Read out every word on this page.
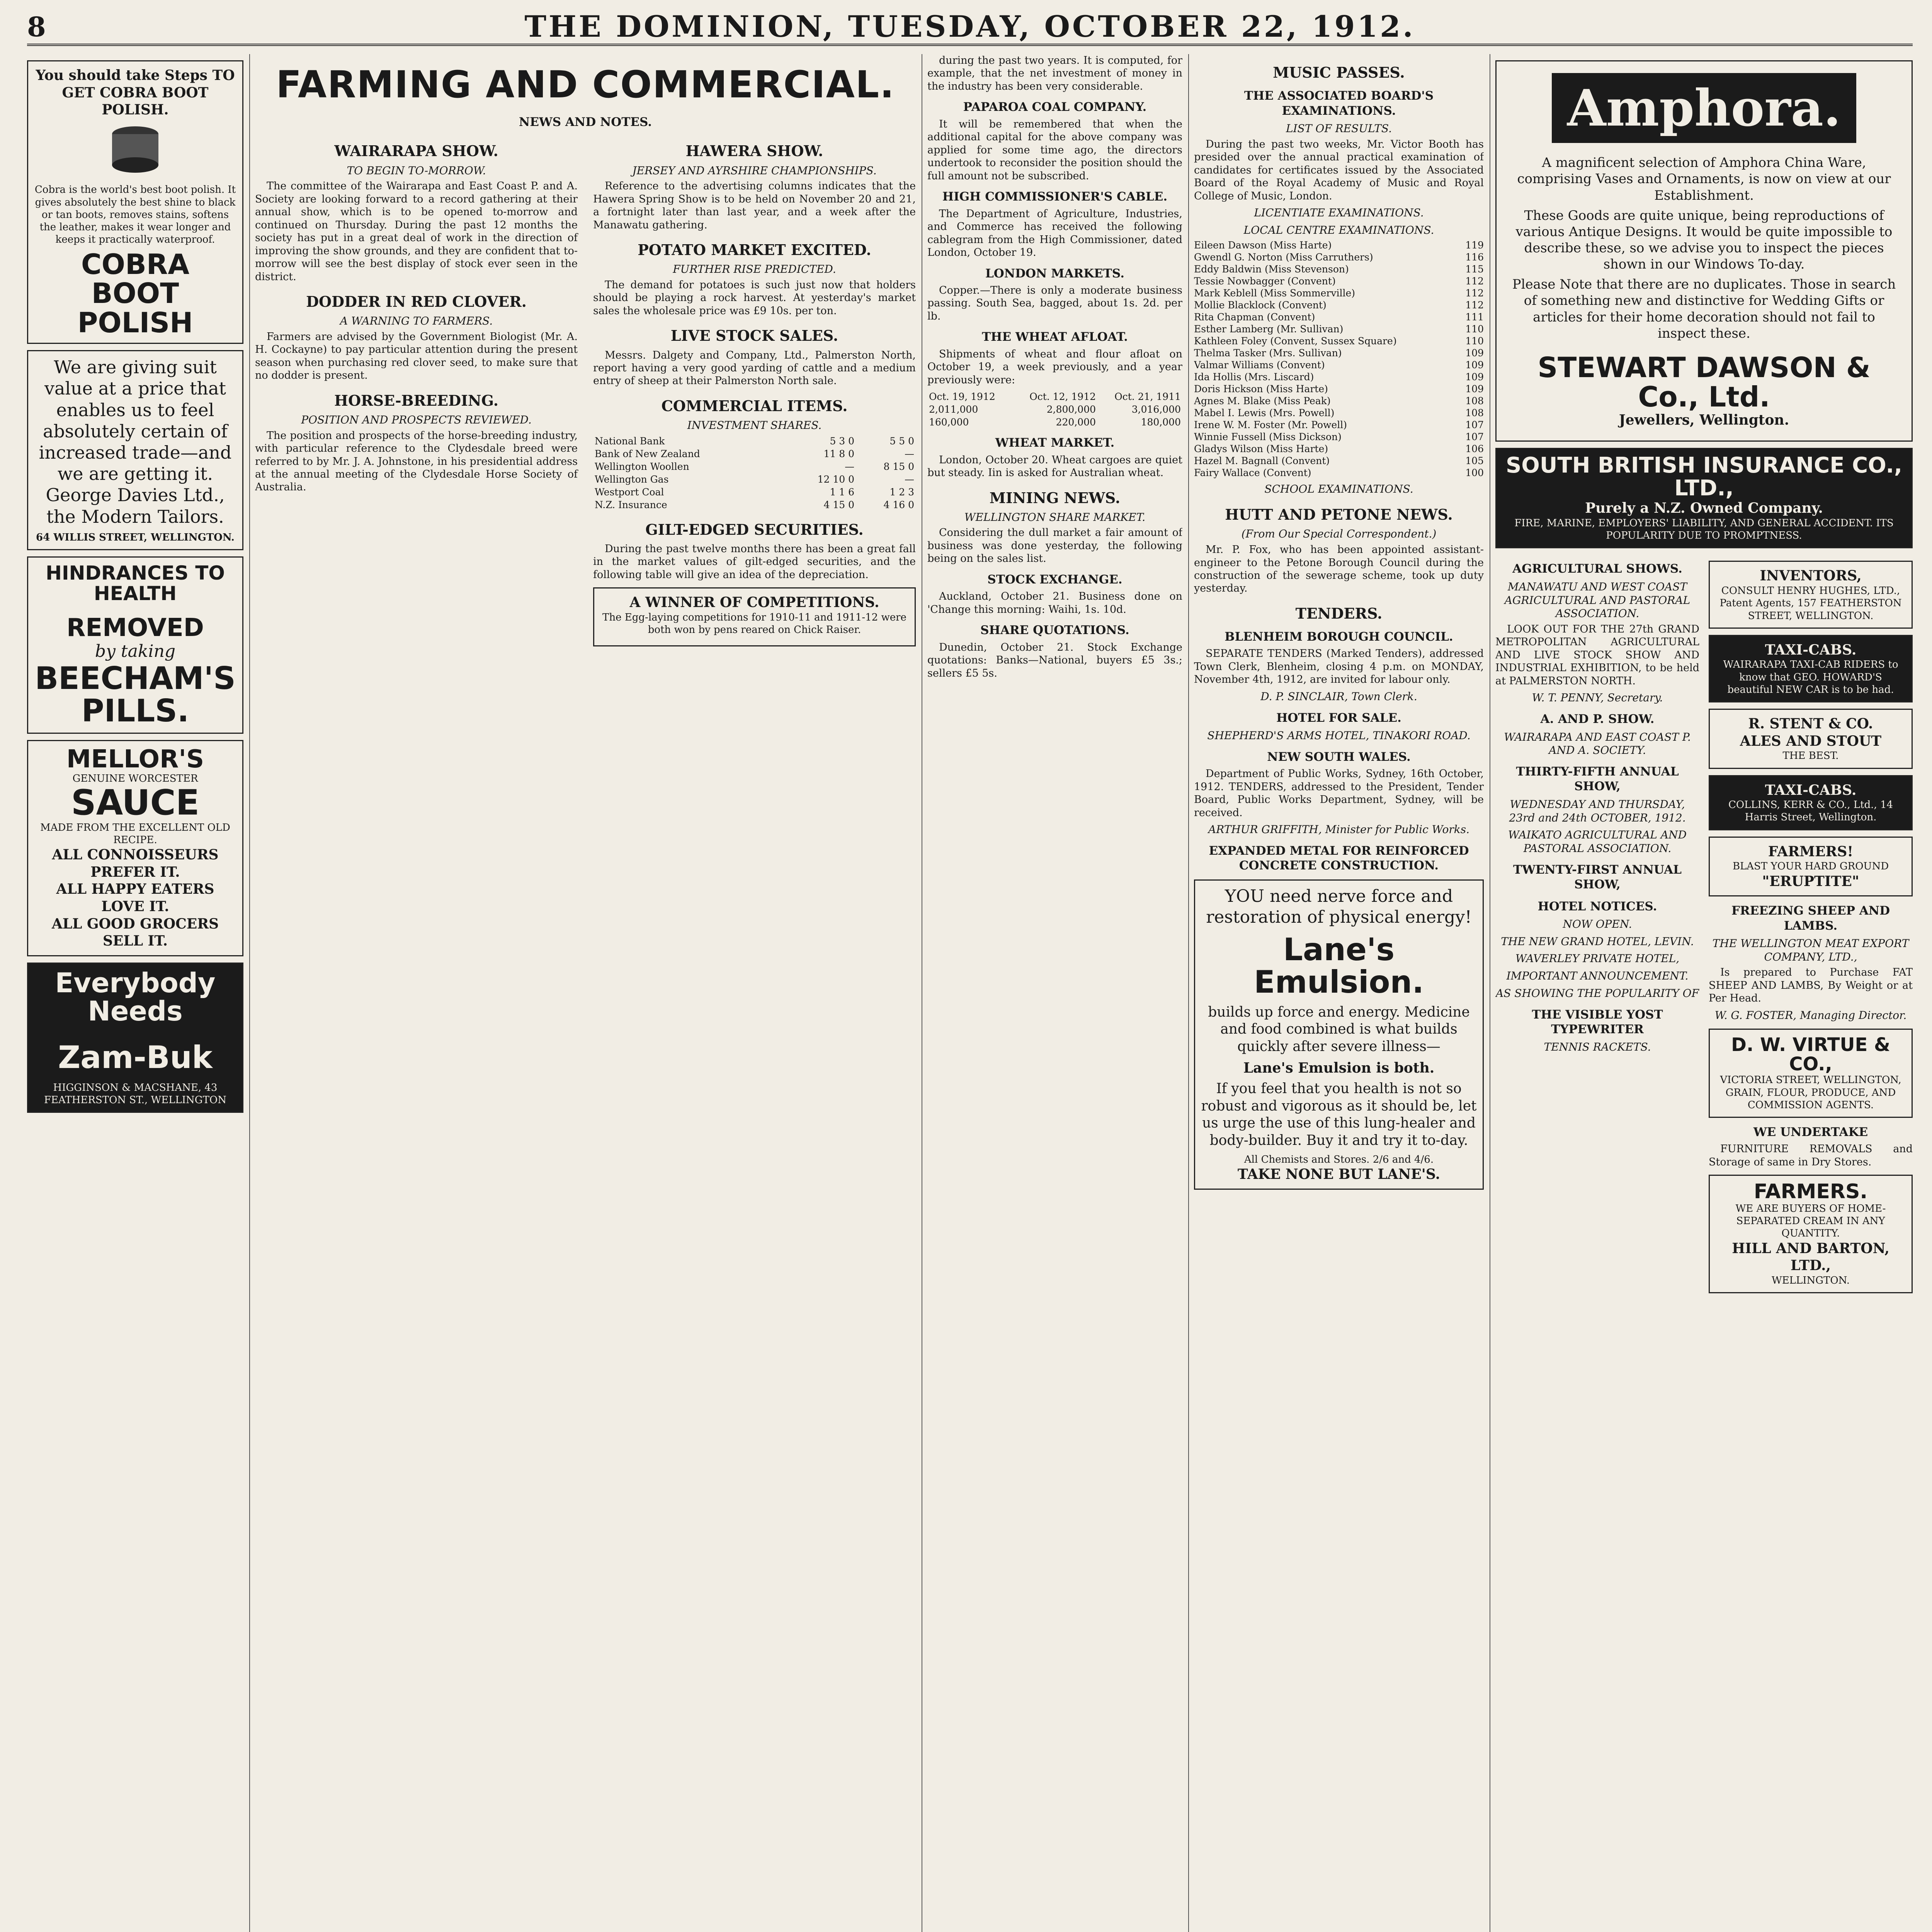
8	THE DOMINION, TUESDAY, OCTOBER 22, 1912.
You should take Steps TO GET COBRA BOOT POLISH.

Cobra is the world's best boot polish. It gives absolutely the best shine to black or tan boots, removes stains, softens the leather, makes it wear longer and keeps it practically waterproof.

COBRA BOOT POLISH
We are giving suit value at a price that enables us to feel absolutely certain of increased trade—and we are getting it. George Davies Ltd., the Modern Tailors.
64 WILLIS STREET, WELLINGTON.
HINDRANCES TO HEALTH
REMOVED
by taking
BEECHAM'S PILLS.
MELLOR'S
GENUINE WORCESTER
SAUCE
MADE FROM THE EXCELLENT OLD RECIPE.
ALL CONNOISSEURS PREFER IT.
ALL HAPPY EATERS LOVE IT.
ALL GOOD GROCERS SELL IT.
Everybody Needs
Zam-Buk
HIGGINSON & MACSHANE, 43 FEATHERSTON ST., WELLINGTON
FARMING AND COMMERCIAL.
NEWS AND NOTES.
WAIRARAPA SHOW.
TO BEGIN TO-MORROW.

The committee of the Wairarapa and East Coast P. and A. Society are looking forward to a record gathering at their annual show, which is to be opened to-morrow and continued on Thursday. During the past 12 months the society has put in a great deal of work in the direction of improving the show grounds, and they are confident that to-morrow will see the best display of stock ever seen in the district.

DODDER IN RED CLOVER.
A WARNING TO FARMERS.

Farmers are advised by the Government Biologist (Mr. A. H. Cockayne) to pay particular attention during the present season when purchasing red clover seed, to make sure that no dodder is present.

HORSE-BREEDING.
POSITION AND PROSPECTS REVIEWED.

The position and prospects of the horse-breeding industry, with particular reference to the Clydesdale breed were referred to by Mr. J. A. Johnstone, in his presidential address at the annual meeting of the Clydesdale Horse Society of Australia.

HAWERA SHOW.
JERSEY AND AYRSHIRE CHAMPIONSHIPS.

Reference to the advertising columns indicates that the Hawera Spring Show is to be held on November 20 and 21, a fortnight later than last year, and a week after the Manawatu gathering.

POTATO MARKET EXCITED.
FURTHER RISE PREDICTED.

The demand for potatoes is such just now that holders should be playing a rock harvest. At yesterday's market sales the wholesale price was £9 10s. per ton.

LIVE STOCK SALES.

Messrs. Dalgety and Company, Ltd., Palmerston North, report having a very good yarding of cattle and a medium entry of sheep at their Palmerston North sale.

COMMERCIAL ITEMS.
INVESTMENT SHARES.
National Bank	5 3 0	5 5 0
Bank of New Zealand	11 8 0	—
Wellington Woollen	—	8 15 0
Wellington Gas	12 10 0	—
Westport Coal	1 1 6	1 2 3
N.Z. Insurance	4 15 0	4 16 0
GILT-EDGED SECURITIES.

During the past twelve months there has been a great fall in the market values of gilt-edged securities, and the following table will give an idea of the depreciation.

A WINNER OF COMPETITIONS.

The Egg-laying competitions for 1910-11 and 1911-12 were both won by pens reared on Chick Raiser.

during the past two years. It is computed, for example, that the net investment of money in the industry has been very considerable.

PAPAROA COAL COMPANY.

It will be remembered that when the additional capital for the above company was applied for some time ago, the directors undertook to reconsider the position should the full amount not be subscribed.

HIGH COMMISSIONER'S CABLE.

The Department of Agriculture, Industries, and Commerce has received the following cablegram from the High Commissioner, dated London, October 19.

LONDON MARKETS.

Copper.—There is only a moderate business passing. South Sea, bagged, about 1s. 2d. per lb.

THE WHEAT AFLOAT.

Shipments of wheat and flour afloat on October 19, a week previously, and a year previously were:

Oct. 19, 1912	Oct. 12, 1912	Oct. 21, 1911
2,011,000	2,800,000	3,016,000
160,000	220,000	180,000
WHEAT MARKET.

London, October 20. Wheat cargoes are quiet but steady. Iin is asked for Australian wheat.

MINING NEWS.
WELLINGTON SHARE MARKET.

Considering the dull market a fair amount of business was done yesterday, the following being on the sales list.

STOCK EXCHANGE.

Auckland, October 21. Business done on 'Change this morning: Waihi, 1s. 10d.

SHARE QUOTATIONS.

Dunedin, October 21. Stock Exchange quotations: Banks—National, buyers £5 3s.; sellers £5 5s.

MUSIC PASSES.
THE ASSOCIATED BOARD'S EXAMINATIONS.
LIST OF RESULTS.

During the past two weeks, Mr. Victor Booth has presided over the annual practical examination of candidates for certificates issued by the Associated Board of the Royal Academy of Music and Royal College of Music, London.

LICENTIATE EXAMINATIONS.
LOCAL CENTRE EXAMINATIONS.
Eileen Dawson (Miss Harte)	119
Gwendl G. Norton (Miss Carruthers)	116
Eddy Baldwin (Miss Stevenson)	115
Tessie Nowbagger (Convent)	112
Mark Keblell (Miss Sommerville)	112
Mollie Blacklock (Convent)	112
Rita Chapman (Convent)	111
Esther Lamberg (Mr. Sullivan)	110
Kathleen Foley (Convent, Sussex Square)	110
Thelma Tasker (Mrs. Sullivan)	109
Valmar Williams (Convent)	109
Ida Hollis (Mrs. Liscard)	109
Doris Hickson (Miss Harte)	109
Agnes M. Blake (Miss Peak)	108
Mabel I. Lewis (Mrs. Powell)	108
Irene W. M. Foster (Mr. Powell)	107
Winnie Fussell (Miss Dickson)	107
Gladys Wilson (Miss Harte)	106
Hazel M. Bagnall (Convent)	105
Fairy Wallace (Convent)	100
SCHOOL EXAMINATIONS.
HUTT AND PETONE NEWS.
(From Our Special Correspondent.)

Mr. P. Fox, who has been appointed assistant-engineer to the Petone Borough Council during the construction of the sewerage scheme, took up duty yesterday.

TENDERS.
BLENHEIM BOROUGH COUNCIL.

SEPARATE TENDERS (Marked Tenders), addressed Town Clerk, Blenheim, closing 4 p.m. on MONDAY, November 4th, 1912, are invited for labour only.

D. P. SINCLAIR, Town Clerk.
HOTEL FOR SALE.
SHEPHERD'S ARMS HOTEL, TINAKORI ROAD.
NEW SOUTH WALES.

Department of Public Works, Sydney, 16th October, 1912. TENDERS, addressed to the President, Tender Board, Public Works Department, Sydney, will be received.

ARTHUR GRIFFITH, Minister for Public Works.
EXPANDED METAL FOR REINFORCED CONCRETE CONSTRUCTION.
YOU need nerve force and restoration of physical energy!
Lane's Emulsion.
builds up force and energy. Medicine and food combined is what builds quickly after severe illness—
Lane's Emulsion is both.
If you feel that you health is not so robust and vigorous as it should be, let us urge the use of this lung-healer and body-builder. Buy it and try it to-day.
All Chemists and Stores. 2/6 and 4/6.
TAKE NONE BUT LANE'S.
Amphora.

A magnificent selection of Amphora China Ware, comprising Vases and Ornaments, is now on view at our Establishment.

These Goods are quite unique, being reproductions of various Antique Designs. It would be quite impossible to describe these, so we advise you to inspect the pieces shown in our Windows To-day.

Please Note that there are no duplicates. Those in search of something new and distinctive for Wedding Gifts or articles for their home decoration should not fail to inspect these.

STEWART DAWSON & Co., Ltd.
Jewellers, Wellington.
SOUTH BRITISH INSURANCE CO., LTD.,
Purely a N.Z. Owned Company.
FIRE, MARINE, EMPLOYERS' LIABILITY, AND GENERAL ACCIDENT. ITS POPULARITY DUE TO PROMPTNESS.
AGRICULTURAL SHOWS.
MANAWATU AND WEST COAST AGRICULTURAL AND PASTORAL ASSOCIATION.

LOOK OUT FOR THE 27th GRAND METROPOLITAN AGRICULTURAL AND LIVE STOCK SHOW AND INDUSTRIAL EXHIBITION, to be held at PALMERSTON NORTH.

W. T. PENNY, Secretary.
A. AND P. SHOW.
WAIRARAPA AND EAST COAST P. AND A. SOCIETY.
THIRTY-FIFTH ANNUAL SHOW,
WEDNESDAY AND THURSDAY, 23rd and 24th OCTOBER, 1912.
WAIKATO AGRICULTURAL AND PASTORAL ASSOCIATION.
TWENTY-FIRST ANNUAL SHOW,
HOTEL NOTICES.
NOW OPEN.
THE NEW GRAND HOTEL, LEVIN.
WAVERLEY PRIVATE HOTEL,
IMPORTANT ANNOUNCEMENT.
AS SHOWING THE POPULARITY OF
THE VISIBLE YOST TYPEWRITER
TENNIS RACKETS.
INVENTORS,
CONSULT HENRY HUGHES, LTD.,
Patent Agents, 157 FEATHERSTON STREET, WELLINGTON.
TAXI-CABS.
WAIRARAPA TAXI-CAB RIDERS to know that GEO. HOWARD'S beautiful NEW CAR is to be had.
R. STENT & CO.
ALES AND STOUT
THE BEST.
TAXI-CABS.
COLLINS, KERR & CO., Ltd., 14 Harris Street, Wellington.
FARMERS!
BLAST YOUR HARD GROUND
"ERUPTITE"
FREEZING SHEEP AND LAMBS.
THE WELLINGTON MEAT EXPORT COMPANY, LTD.,

Is prepared to Purchase FAT SHEEP AND LAMBS, By Weight or at Per Head.

W. G. FOSTER, Managing Director.
D. W. VIRTUE & CO.,
VICTORIA STREET, WELLINGTON,
GRAIN, FLOUR, PRODUCE, AND COMMISSION AGENTS.
WE UNDERTAKE

FURNITURE REMOVALS and Storage of same in Dry Stores.

FARMERS.
WE ARE BUYERS OF HOME-SEPARATED CREAM IN ANY QUANTITY.
HILL AND BARTON, LTD.,
WELLINGTON.
